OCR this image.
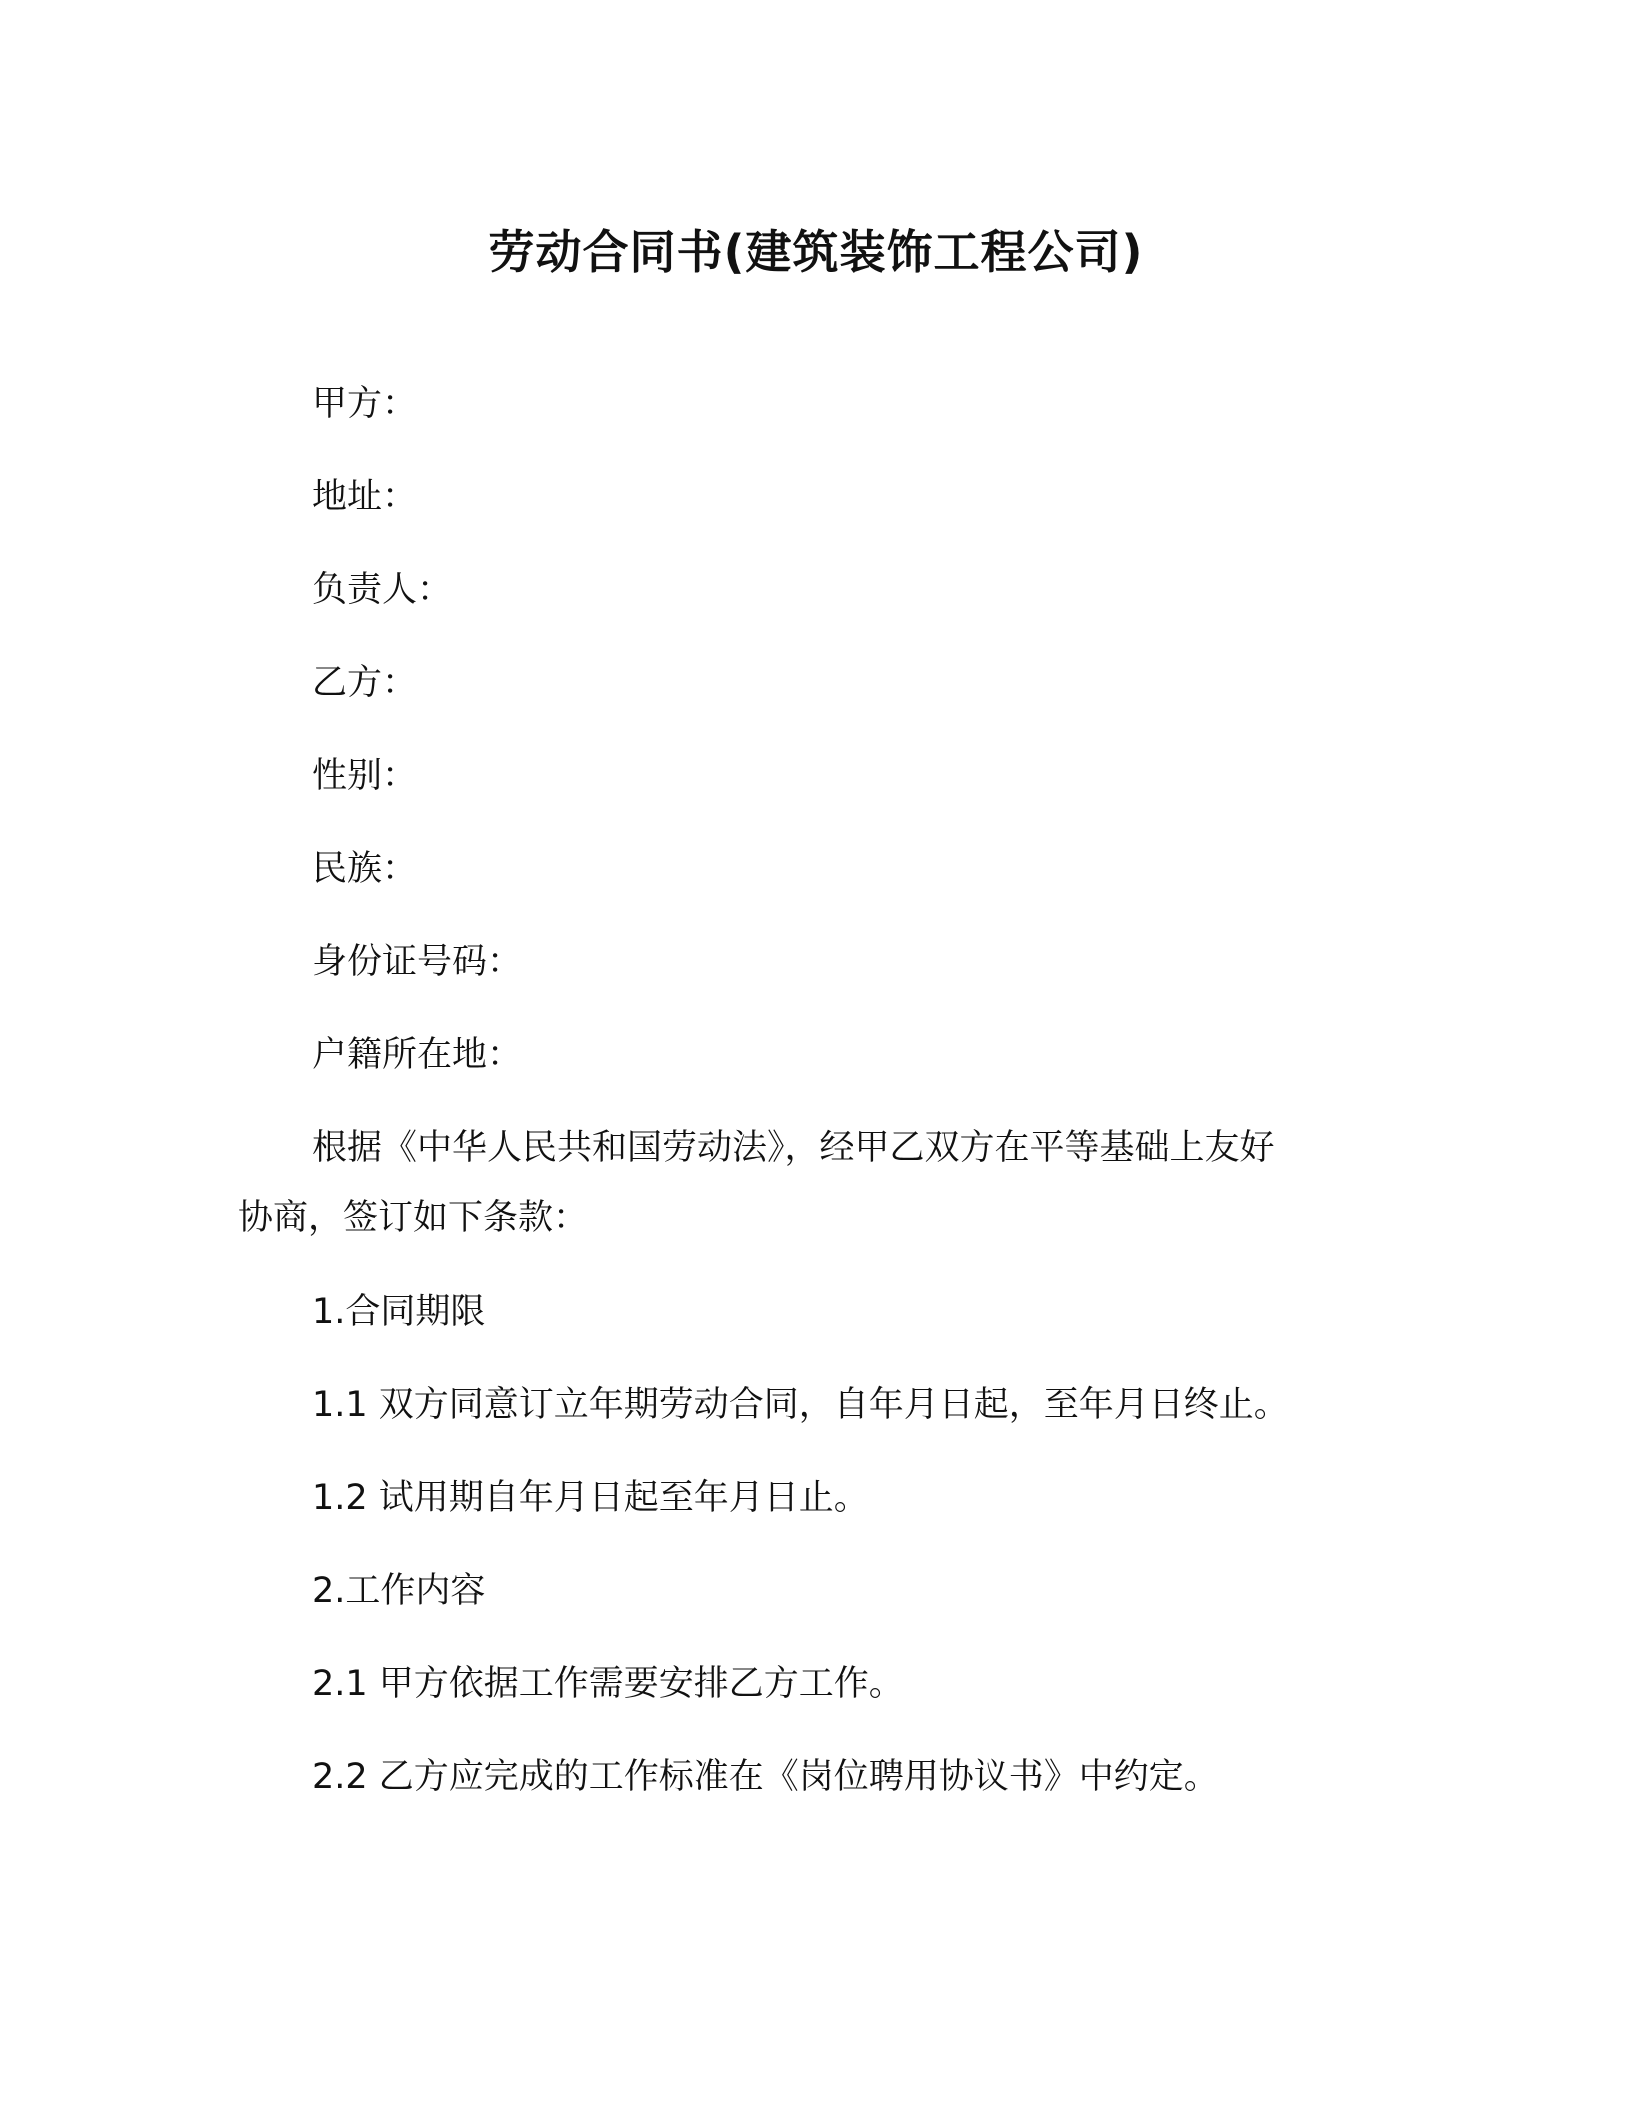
劳动合同书(建筑装饰工程公司)
甲方：
地址：
负责人：
乙方：
性别：
民族：
身份证号码：
户籍所在地：
根据《中华人民共和国劳动法》，经甲乙双方在平等基础上友好
协商，签订如下条款：
1.合同期限
1.1 双方同意订立年期劳动合同，自年月日起，至年月日终止。
1.2 试用期自年月日起至年月日止。
2.工作内容
2.1 甲方依据工作需要安排乙方工作。
2.2 乙方应完成的工作标准在《岗位聘用协议书》中约定。
